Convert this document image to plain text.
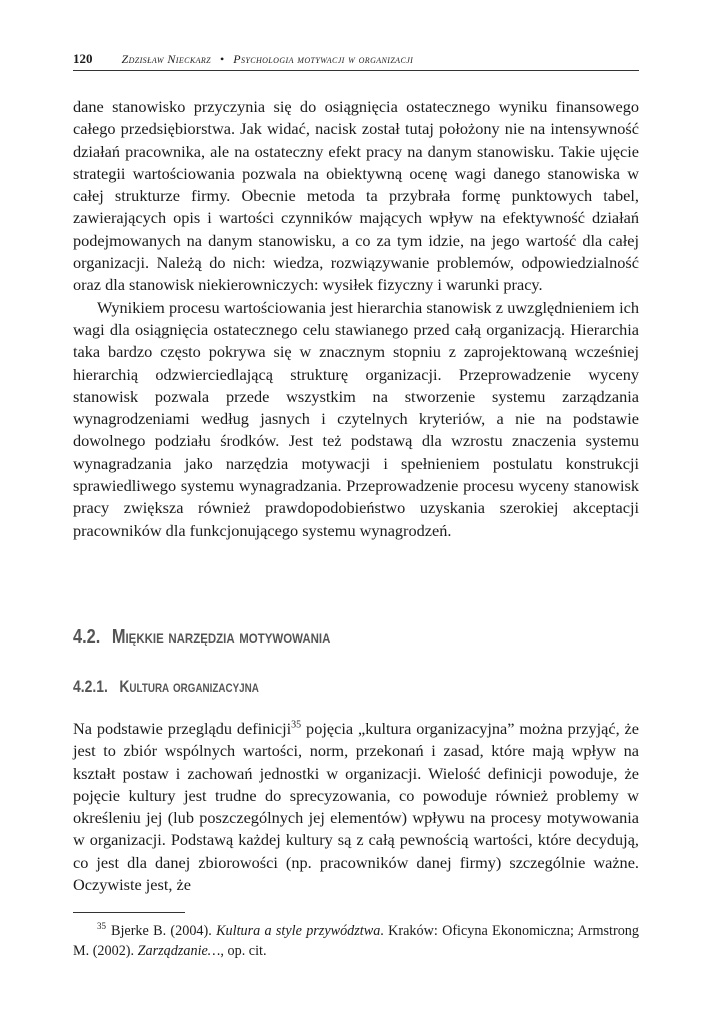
120 Zdzisław Nieckarz • Psychologia motywacji w organizacji

dane stanowisko przyczynia się do osiągnięcia ostatecznego wyniku finansowego całego przedsiębiorstwa. Jak widać, nacisk został tutaj położony nie na intensywność działań pracownika, ale na ostateczny efekt pracy na danym stanowisku. Takie ujęcie strategii wartościowania pozwala na obiektywną ocenę wagi danego stanowiska w całej strukturze firmy. Obecnie metoda ta przybrała formę punktowych tabel, zawierających opis i wartości czynników mających wpływ na efektywność działań podejmowanych na danym stanowisku, a co za tym idzie, na jego wartość dla całej organizacji. Należą do nich: wiedza, rozwiązywanie problemów, odpowiedzialność oraz dla stanowisk niekierowniczych: wysiłek fizyczny i warunki pracy.

Wynikiem procesu wartościowania jest hierarchia stanowisk z uwzględnieniem ich wagi dla osiągnięcia ostatecznego celu stawianego przed całą organizacją. Hierarchia taka bardzo często pokrywa się w znacznym stopniu z zaprojektowaną wcześniej hierarchią odzwierciedlającą strukturę organizacji. Przeprowadzenie wyceny stanowisk pozwala przede wszystkim na stworzenie systemu zarządzania wynagrodzeniami według jasnych i czytelnych kryteriów, a nie na podstawie dowolnego podziału środków. Jest też podstawą dla wzrostu znaczenia systemu wynagradzania jako narzędzia motywacji i spełnieniem postulatu konstrukcji sprawiedliwego systemu wynagradzania. Przeprowadzenie procesu wyceny stanowisk pracy zwiększa również prawdopodobieństwo uzyskania szerokiej akceptacji pracowników dla funkcjonującego systemu wynagrodzeń.

4.2. Miękkie narzędzia motywowania
4.2.1. Kultura organizacyjna

Na podstawie przeglądu definicji$^{35}$ pojęcia „kultura organizacyjna” można przyjąć, że jest to zbiór wspólnych wartości, norm, przekonań i zasad, które mają wpływ na kształt postaw i zachowań jednostki w organizacji. Wielość definicji powoduje, że pojęcie kultury jest trudne do sprecyzowania, co powoduje również problemy w określeniu jej (lub poszczególnych jej elementów) wpływu na procesy motywowania w organizacji. Podstawą każdej kultury są z całą pewnością wartości, które decydują, co jest dla danej zbiorowości (np. pracowników danej firmy) szczególnie ważne. Oczywiste jest, że

$^{35}$ Bjerke B. (2004). Kultura a style przywództwa. Kraków: Oficyna Ekonomiczna; Armstrong M. (2002). Zarządzanie…, op. cit.
